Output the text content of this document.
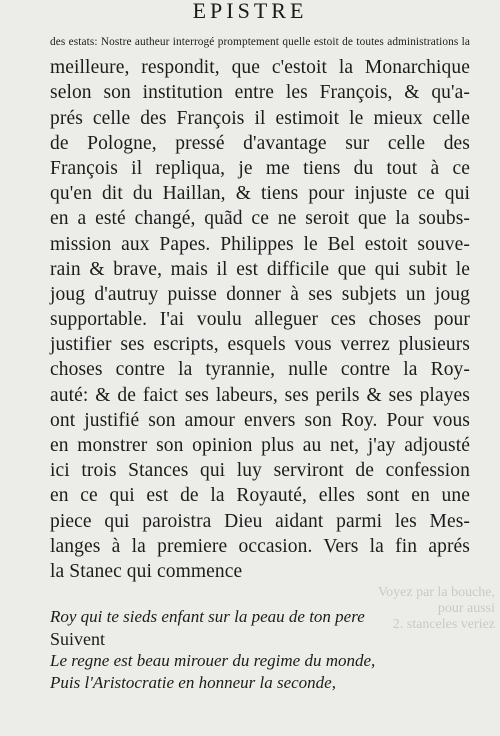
Voyez par la bouche,
pour aussi
2. stanceles veriez
EPISTRE
des estats: Nostre autheur interrogé promptement quelle estoit de toutes administrations la
meilleure, respondit, que c'estoit la Monarchique
selon son institution entre les François, & qu'a-
prés celle des François il estimoit le mieux celle
de Pologne, pressé d'avantage sur celle des
François il repliqua, je me tiens du tout à ce
qu'en dit du Haillan, & tiens pour injuste ce qui
en a esté changé, quãd ce ne seroit que la soubs-
mission aux Papes. Philippes le Bel estoit souve-
rain & brave, mais il est difficile que qui subit le
joug d'autruy puisse donner à ses subjets un joug
supportable. I'ai voulu alleguer ces choses pour
justifier ses escripts, esquels vous verrez plusieurs
choses contre la tyrannie, nulle contre la Roy-
auté: & de faict ses labeurs, ses perils & ses playes
ont justifié son amour envers son Roy. Pour vous
en monstrer son opinion plus au net, j'ay adjousté
ici trois Stances qui luy serviront de confession
en ce qui est de la Royauté, elles sont en une
piece qui paroistra Dieu aidant parmi les Mes-
langes à la premiere occasion. Vers la fin aprés
la Stanec qui commence
Roy qui te sieds enfant sur la peau de ton pere
Suivent
Le regne est beau mirouer du regime du monde,
Puis l'Aristocratie en honneur la seconde,
